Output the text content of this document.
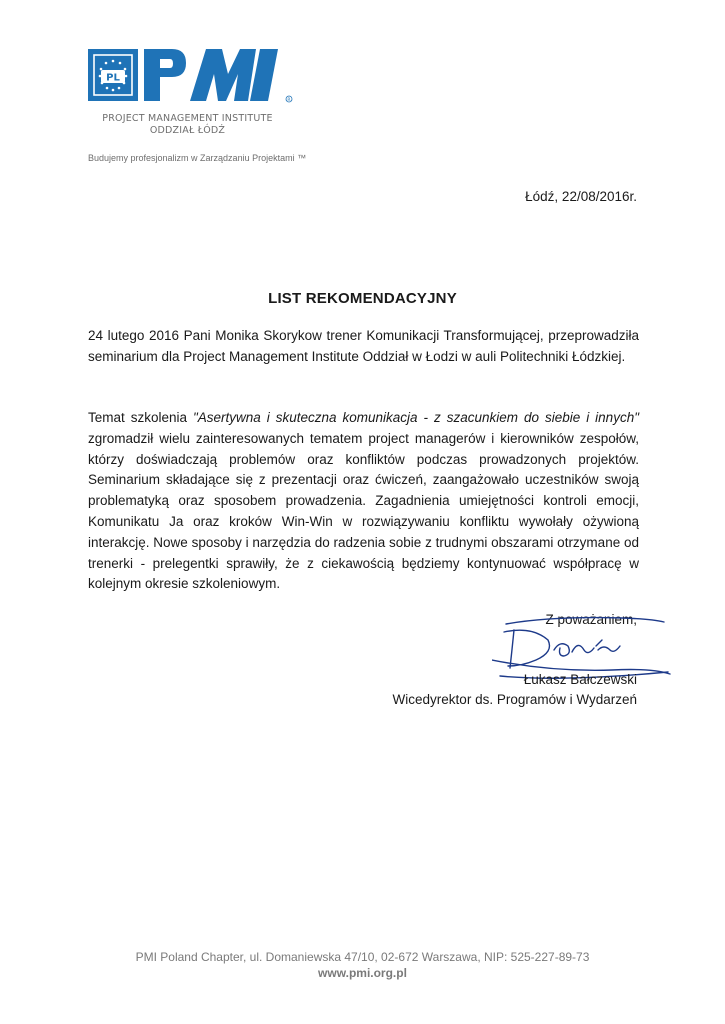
PL
R
PROJECT MANAGEMENT INSTITUTE
ODDZIAŁ ŁÓDŹ
Budujemy profesjonalizm w Zarządzaniu Projektami ™
Łódź, 22/08/2016r.
LIST REKOMENDACYJNY
24 lutego 2016 Pani Monika Skorykow trener Komunikacji Transformującej, przeprowadziła seminarium dla Project Management Institute Oddział w Łodzi w auli Politechniki Łódzkiej.
Temat szkolenia "Asertywna i skuteczna komunikacja - z szacunkiem do siebie i innych" zgromadził wielu zainteresowanych tematem project managerów i kierowników zespołów, którzy doświadczają problemów oraz konfliktów podczas prowadzonych projektów. Seminarium składające się z prezentacji oraz ćwiczeń, zaangażowało uczestników swoją problematyką oraz sposobem prowadzenia. Zagadnienia umiejętności kontroli emocji, Komunikatu Ja oraz kroków Win-Win w rozwiązywaniu konfliktu wywołały ożywioną interakcję. Nowe sposoby i narzędzia do radzenia sobie z trudnymi obszarami otrzymane od trenerki - prelegentki sprawiły, że z ciekawością będziemy kontynuować współpracę w kolejnym okresie szkoleniowym.
Z poważaniem,
Łukasz Bałczewski
Wicedyrektor ds. Programów i Wydarzeń
PMI Poland Chapter, ul. Domaniewska 47/10, 02-672 Warszawa, NIP: 525-227-89-73
www.pmi.org.pl
